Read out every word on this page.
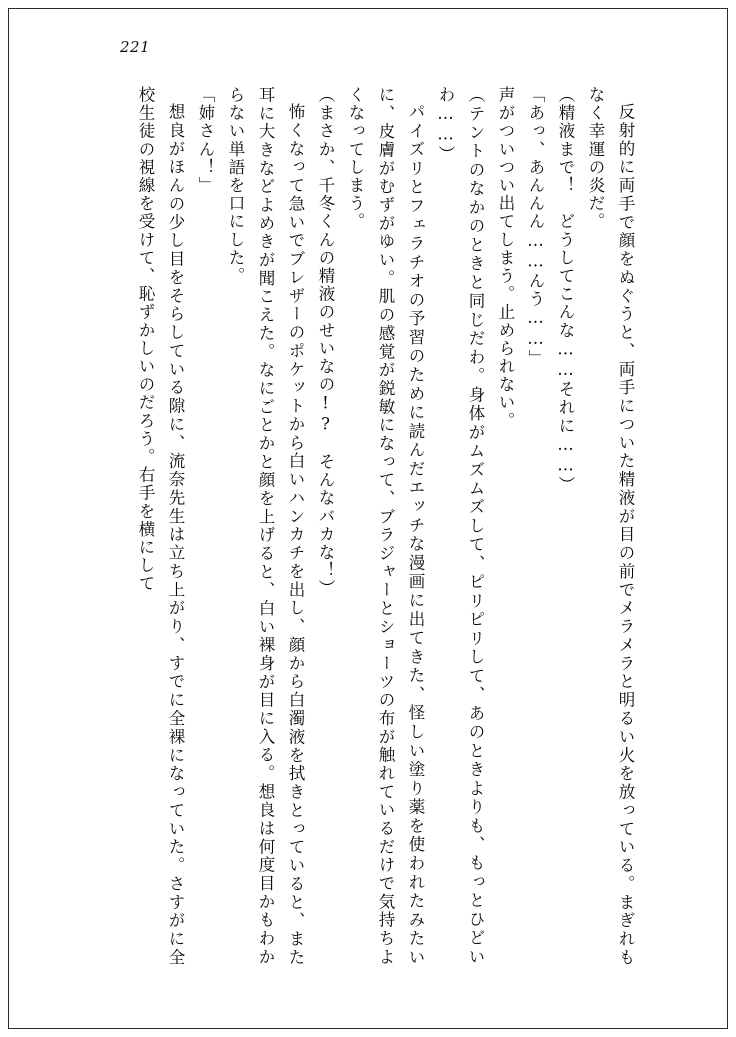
221

反射的に両手で顔をぬぐうと、両手についた精液が目の前でメラメラと明るい火を放っている。まぎれもなく幸運の炎だ。

（精液まで！　どうしてこんな……それに……）

「あっ、あんんん……んう……」

声がついつい出てしまう。止められない。

（テントのなかのときと同じだわ。身体がムズムズして、ピリピリして、あのときよりも、もっとひどいわ……）

パイズリとフェラチオの予習のために読んだエッチな漫画に出てきた、怪しい塗り薬を使われたみたいに、皮膚がむずがゆい。肌の感覚が鋭敏になって、ブラジャーとショーツの布が触れているだけで気持ちよくなってしまう。

（まさか、千冬くんの精液のせいなの!?　そんなバカな！）

怖くなって急いでブレザーのポケットから白いハンカチを出し、顔から白濁液を拭きとっていると、また耳に大きなどよめきが聞こえた。なにごとかと顔を上げると、白い裸身が目に入る。想良は何度目かもわからない単語を口にした。

「姉さん！」

想良がほんの少し目をそらしている隙に、流奈先生は立ち上がり、すでに全裸になっていた。さすがに全校生徒の視線を受けて、恥ずかしいのだろう。右手を横にして
